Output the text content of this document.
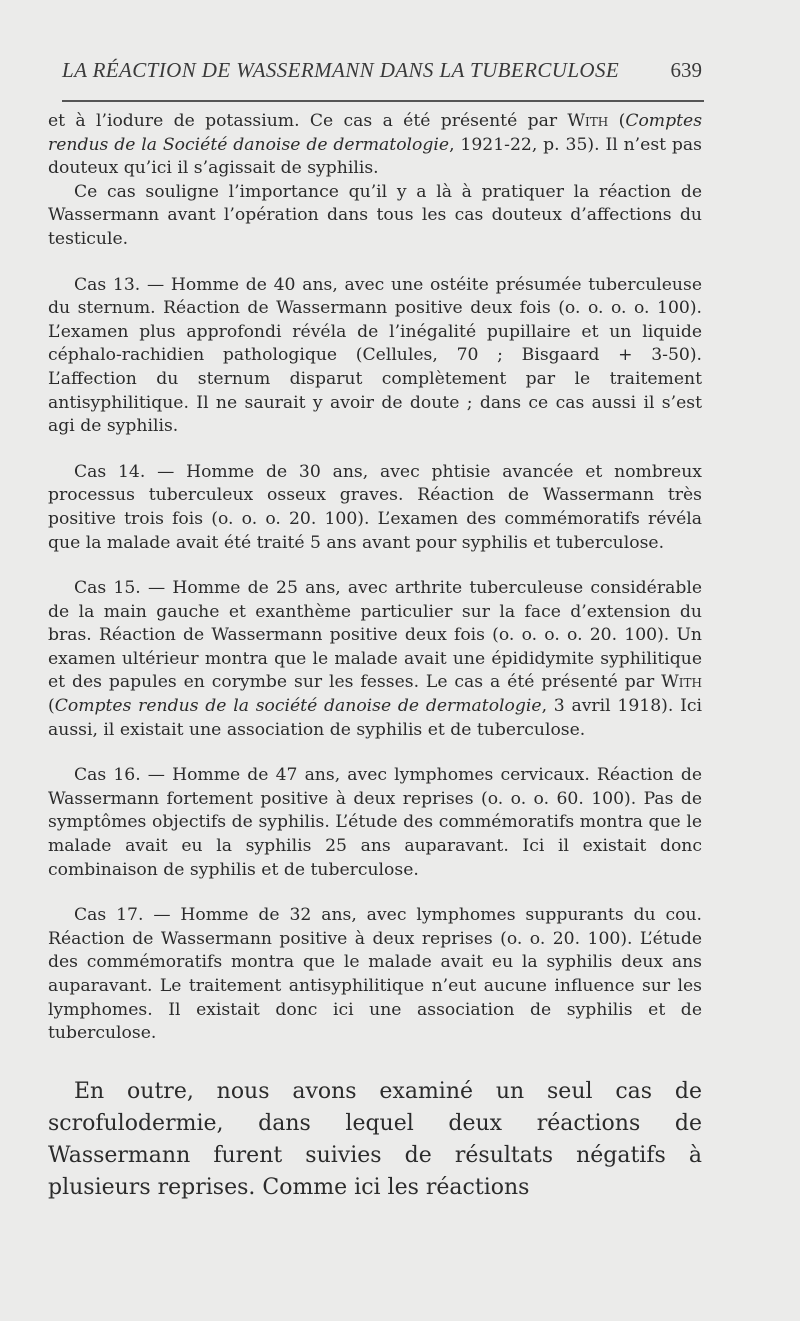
LA RÉACTION DE WASSERMANN DANS LA TUBERCULOSE 639

et à l’iodure de potassium. Ce cas a été présenté par With (Comptes rendus de la Société danoise de dermatologie, 1921-22, p. 35). Il n’est pas douteux qu’ici il s’agissait de syphilis.

Ce cas souligne l’importance qu’il y a là à pratiquer la réaction de Wassermann avant l’opération dans tous les cas douteux d’affections du testicule.

Cas 13. — Homme de 40 ans, avec une ostéite présumée tuberculeuse du sternum. Réaction de Wassermann positive deux fois (o. o. o. o. 100). L’examen plus approfondi révéla de l’inégalité pupillaire et un liquide céphalo-rachidien pathologique (Cellules, 70 ; Bisgaard + 3-50). L’affection du sternum disparut complètement par le traitement antisyphilitique. Il ne saurait y avoir de doute ; dans ce cas aussi il s’est agi de syphilis.

Cas 14. — Homme de 30 ans, avec phtisie avancée et nombreux processus tuberculeux osseux graves. Réaction de Wassermann très positive trois fois (o. o. o. 20. 100). L’examen des commémoratifs révéla que la malade avait été traité 5 ans avant pour syphilis et tuberculose.

Cas 15. — Homme de 25 ans, avec arthrite tuberculeuse considérable de la main gauche et exanthème particulier sur la face d’extension du bras. Réaction de Wassermann positive deux fois (o. o. o. o. 20. 100). Un examen ultérieur montra que le malade avait une épididymite syphilitique et des papules en corymbe sur les fesses. Le cas a été présenté par With (Comptes rendus de la société danoise de dermatologie, 3 avril 1918). Ici aussi, il existait une association de syphilis et de tuberculose.

Cas 16. — Homme de 47 ans, avec lymphomes cervicaux. Réaction de Wassermann fortement positive à deux reprises (o. o. o. 60. 100). Pas de symptômes objectifs de syphilis. L’étude des commémoratifs montra que le malade avait eu la syphilis 25 ans auparavant. Ici il existait donc combinaison de syphilis et de tuberculose.

Cas 17. — Homme de 32 ans, avec lymphomes suppurants du cou. Réaction de Wassermann positive à deux reprises (o. o. 20. 100). L’étude des commémoratifs montra que le malade avait eu la syphilis deux ans auparavant. Le traitement antisyphilitique n’eut aucune influence sur les lymphomes. Il existait donc ici une association de syphilis et de tuberculose.

En outre, nous avons examiné un seul cas de scrofulodermie, dans lequel deux réactions de Wassermann furent suivies de résultats négatifs à plusieurs reprises. Comme ici les réactions
